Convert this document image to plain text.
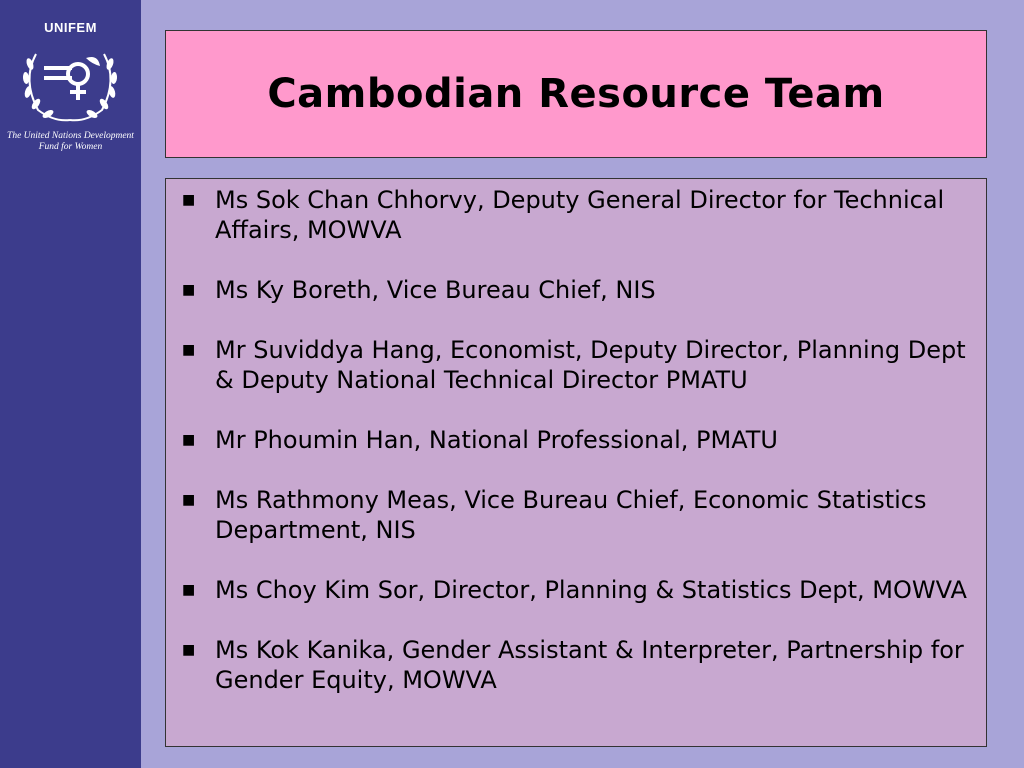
UNIFEM
The United Nations Development Fund for Women
Cambodian Resource Team
■ Ms Sok Chan Chhorvy, Deputy General Director for Technical Affairs, MOWVA
■ Ms Ky Boreth, Vice Bureau Chief, NIS
■ Mr Suviddya Hang, Economist, Deputy Director, Planning Dept & Deputy National Technical Director PMATU
■ Mr Phoumin Han, National Professional, PMATU
■ Ms Rathmony Meas, Vice Bureau Chief, Economic Statistics Department, NIS
■ Ms Choy Kim Sor, Director, Planning & Statistics Dept, MOWVA
■ Ms Kok Kanika, Gender Assistant & Interpreter, Partnership for Gender Equity, MOWVA
